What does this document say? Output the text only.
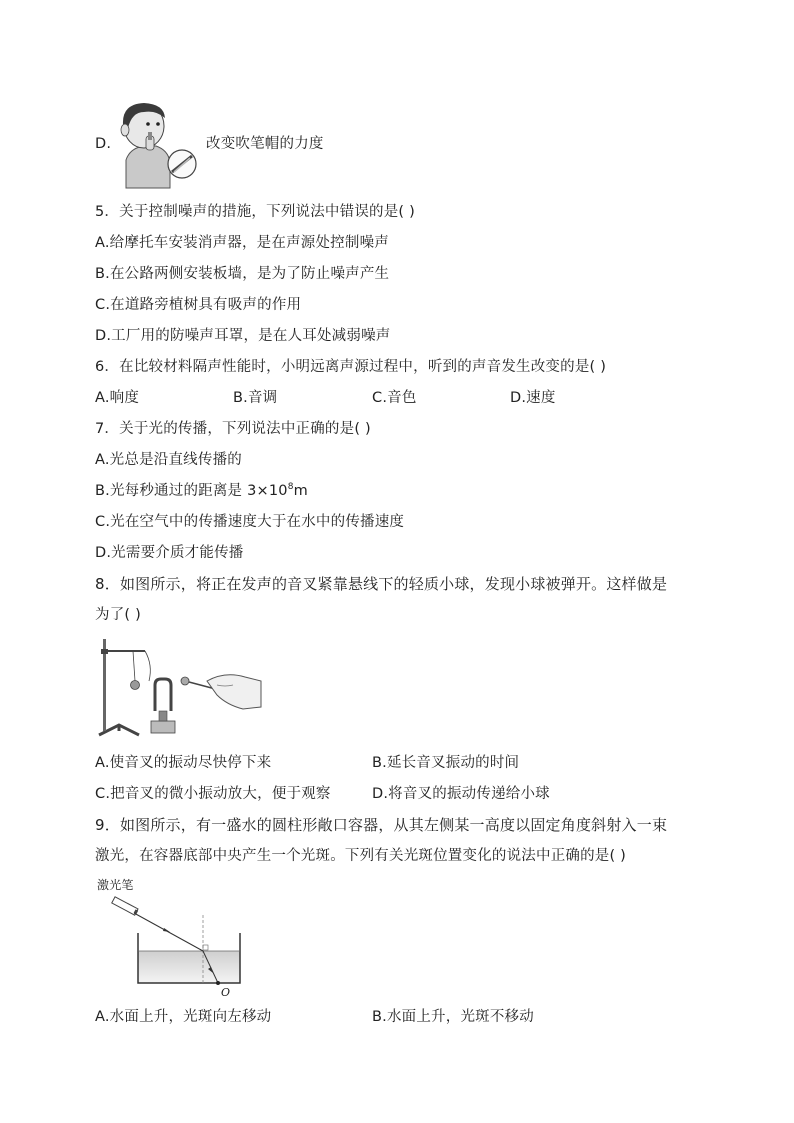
D.	改变吹笔帽的力度
5．关于控制噪声的措施，下列说法中错误的是( )
A.给摩托车安装消声器，是在声源处控制噪声
B.在公路两侧安装板墙，是为了防止噪声产生
C.在道路旁植树具有吸声的作用
D.工厂用的防噪声耳罩，是在人耳处减弱噪声
6．在比较材料隔声性能时，小明远离声源过程中，听到的声音发生改变的是( )
A.响度	B.音调	C.音色	D.速度
7．关于光的传播，下列说法中正确的是( )
A.光总是沿直线传播的
B.光每秒通过的距离是 $3\times 10^8m$
C.光在空气中的传播速度大于在水中的传播速度
D.光需要介质才能传播
8．如图所示，将正在发声的音叉紧靠悬线下的轻质小球，发现小球被弹开。这样做是
为了( )
A.使音叉的振动尽快停下来	B.延长音叉振动的时间
C.把音叉的微小振动放大，便于观察	D.将音叉的振动传递给小球
9．如图所示，有一盛水的圆柱形敞口容器，从其左侧某一高度以固定角度斜射入一束
激光，在容器底部中央产生一个光斑。下列有关光斑位置变化的说法中正确的是( )
激光笔
O
A.水面上升，光斑向左移动	B.水面上升，光斑不移动
